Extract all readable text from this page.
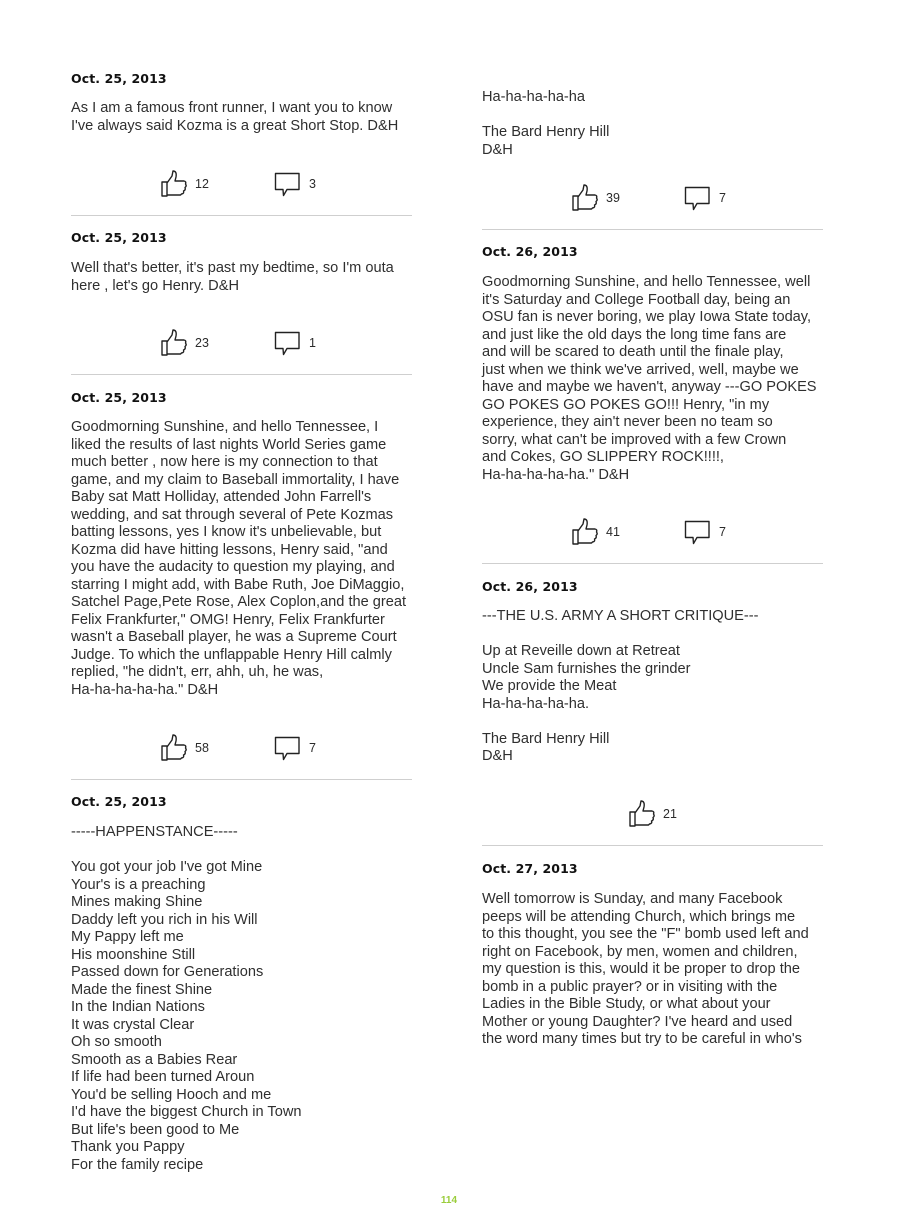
Oct. 25, 2013
As I am a famous front runner, I want you to know
I've always said Kozma is a great Short Stop. D&H
12	3
Oct. 25, 2013
Well that's better, it's past my bedtime, so I'm outa
here , let's go Henry. D&H
23	1
Oct. 25, 2013
Goodmorning Sunshine, and hello Tennessee, I
liked the results of last nights World Series game
much better , now here is my connection to that
game, and my claim to Baseball immortality, I have
Baby sat Matt Holliday, attended John Farrell's
wedding, and sat through several of Pete Kozmas
batting lessons, yes I know it's unbelievable, but
Kozma did have hitting lessons, Henry said, "and
you have the audacity to question my playing, and
starring I might add, with Babe Ruth, Joe DiMaggio,
Satchel Page,Pete Rose, Alex Coplon,and the great
Felix Frankfurter," OMG! Henry, Felix Frankfurter
wasn't a Baseball player, he was a Supreme Court
Judge. To which the unflappable Henry Hill calmly
replied, "he didn't, err, ahh, uh, he was,
Ha-ha-ha-ha-ha." D&H
58	7
Oct. 25, 2013
-----HAPPENSTANCE-----
You got your job I've got Mine
Your's is a preaching
Mines making Shine
Daddy left you rich in his Will
My Pappy left me
His moonshine Still
Passed down for Generations
Made the finest Shine
In the Indian Nations
It was crystal Clear
Oh so smooth
Smooth as a Babies Rear
If life had been turned Aroun
You'd be selling Hooch and me
I'd have the biggest Church in Town
But life's been good to Me
Thank you Pappy
For the family recipe
Ha-ha-ha-ha-ha
The Bard Henry Hill
D&H
39	7
Oct. 26, 2013
Goodmorning Sunshine, and hello Tennessee, well
it's Saturday and College Football day, being an
OSU fan is never boring, we play Iowa State today,
and just like the old days the long time fans are
and will be scared to death until the finale play,
just when we think we've arrived, well, maybe we
have and maybe we haven't, anyway ---GO POKES
GO POKES GO POKES GO!!! Henry, "in my
experience, they ain't never been no team so
sorry, what can't be improved with a few Crown
and Cokes, GO SLIPPERY ROCK!!!!,
Ha-ha-ha-ha-ha." D&H
41	7
Oct. 26, 2013
---THE U.S. ARMY A SHORT CRITIQUE---
Up at Reveille down at Retreat
Uncle Sam furnishes the grinder
We provide the Meat
Ha-ha-ha-ha-ha.
The Bard Henry Hill
D&H
21
Oct. 27, 2013
Well tomorrow is Sunday, and many Facebook
peeps will be attending Church, which brings me
to this thought, you see the "F" bomb used left and
right on Facebook, by men, women and children,
my question is this, would it be proper to drop the
bomb in a public prayer? or in visiting with the
Ladies in the Bible Study, or what about your
Mother or young Daughter? I've heard and used
the word many times but try to be careful in who's
114
